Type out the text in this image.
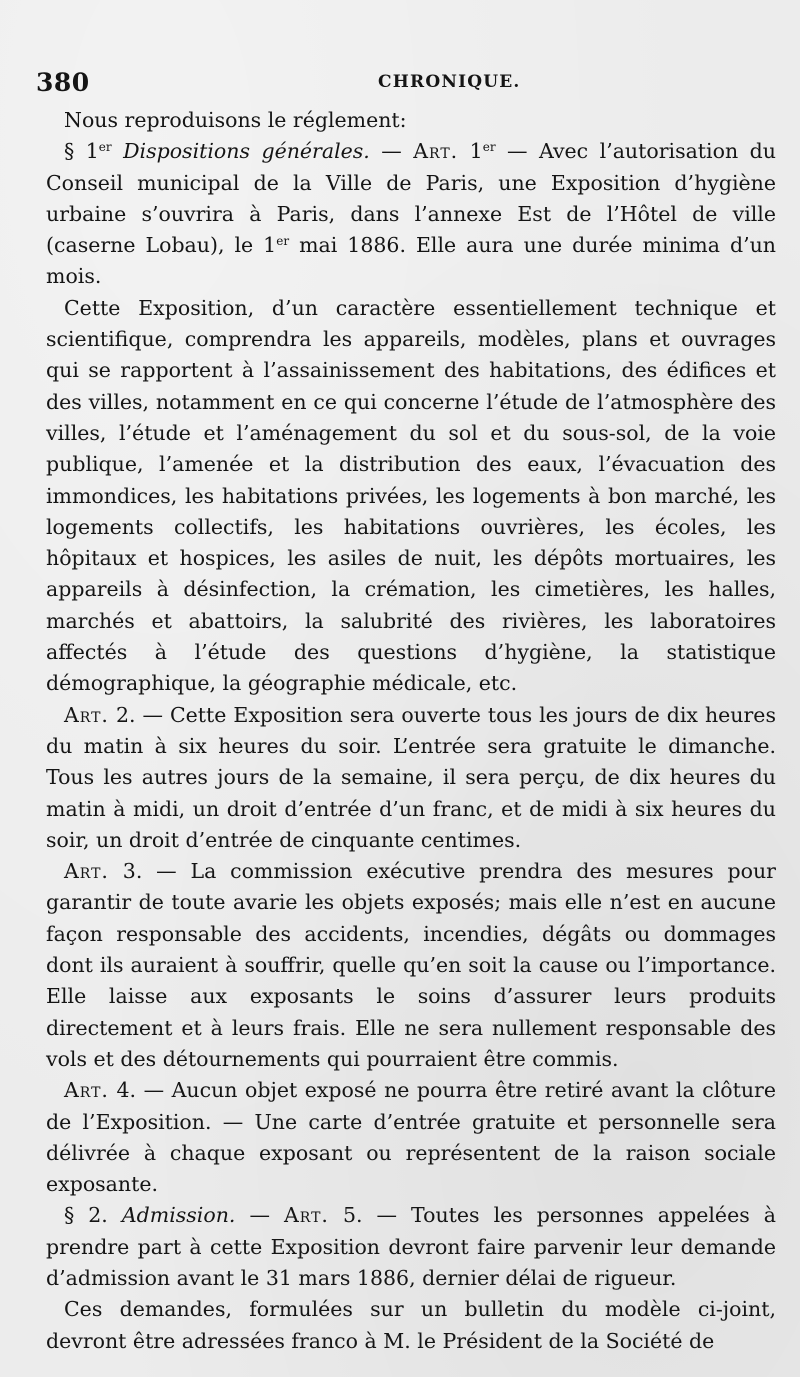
380	CHRONIQUE.

Nous reproduisons le réglement:

§ 1er Dispositions générales. — Art. 1er — Avec l’autorisation du Conseil municipal de la Ville de Paris, une Exposition d’hygiène urbaine s’ouvrira à Paris, dans l’annexe Est de l’Hôtel de ville (caserne Lobau), le 1er mai 1886. Elle aura une durée minima d’un mois.

Cette Exposition, d’un caractère essentiellement technique et scientifique, comprendra les appareils, modèles, plans et ouvrages qui se rapportent à l’assainissement des habitations, des édifices et des villes, notamment en ce qui concerne l’étude de l’atmosphère des villes, l’étude et l’aménagement du sol et du sous-sol, de la voie publique, l’amenée et la distribution des eaux, l’évacuation des immondices, les habitations privées, les logements à bon marché, les logements collectifs, les habitations ouvrières, les écoles, les hôpitaux et hospices, les asiles de nuit, les dépôts mortuaires, les appareils à désinfection, la crémation, les cimetières, les halles, marchés et abattoirs, la salubrité des rivières, les laboratoires affectés à l’étude des questions d’hygiène, la statistique démographique, la géographie médicale, etc.

Art. 2. — Cette Exposition sera ouverte tous les jours de dix heures du matin à six heures du soir. L’entrée sera gratuite le dimanche. Tous les autres jours de la semaine, il sera perçu, de dix heures du matin à midi, un droit d’entrée d’un franc, et de midi à six heures du soir, un droit d’entrée de cinquante centimes.

Art. 3. — La commission exécutive prendra des mesures pour garantir de toute avarie les objets exposés; mais elle n’est en aucune façon responsable des accidents, incendies, dégâts ou dommages dont ils auraient à souffrir, quelle qu’en soit la cause ou l’importance. Elle laisse aux exposants le soins d’assurer leurs produits directement et à leurs frais. Elle ne sera nullement responsable des vols et des détournements qui pourraient être commis.

Art. 4. — Aucun objet exposé ne pourra être retiré avant la clôture de l’Exposition. — Une carte d’entrée gratuite et personnelle sera délivrée à chaque exposant ou représentent de la raison sociale exposante.

§ 2. Admission. — Art. 5. — Toutes les personnes appelées à prendre part à cette Exposition devront faire parvenir leur demande d’admission avant le 31 mars 1886, dernier délai de rigueur.

Ces demandes, formulées sur un bulletin du modèle ci-joint, devront être adressées franco à M. le Président de la Société de
